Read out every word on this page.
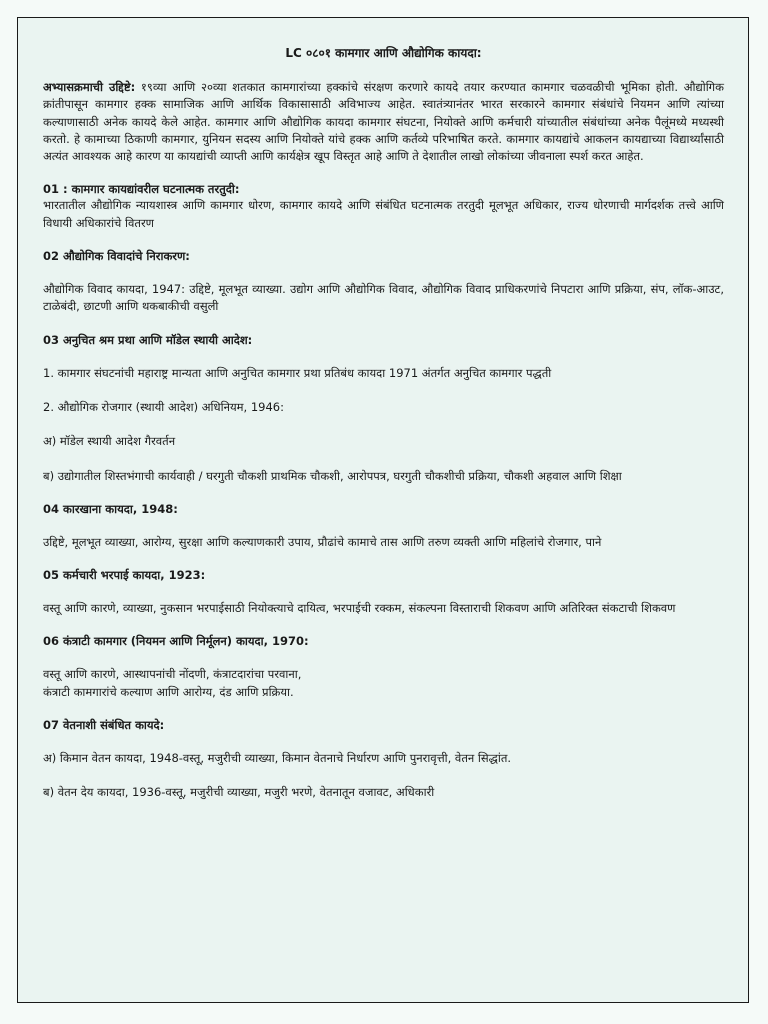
LC ०८०१ कामगार आणि औद्योगिक कायदा:

अभ्यासक्रमाची उद्दिष्टे: १९व्या आणि २०व्या शतकात कामगारांच्या हक्कांचे संरक्षण करणारे कायदे तयार करण्यात कामगार चळवळीची भूमिका होती. औद्योगिक क्रांतीपासून कामगार हक्क सामाजिक आणि आर्थिक विकासासाठी अविभाज्य आहेत. स्वातंत्र्यानंतर भारत सरकारने कामगार संबंधांचे नियमन आणि त्यांच्या कल्याणासाठी अनेक कायदे केले आहेत. कामगार आणि औद्योगिक कायदा कामगार संघटना, नियोक्ते आणि कर्मचारी यांच्यातील संबंधांच्या अनेक पैलूंमध्ये मध्यस्थी करतो. हे कामाच्या ठिकाणी कामगार, युनियन सदस्य आणि नियोक्ते यांचे हक्क आणि कर्तव्ये परिभाषित करते. कामगार कायद्यांचे आकलन कायद्याच्या विद्यार्थ्यांसाठी अत्यंत आवश्यक आहे कारण या कायद्यांची व्याप्ती आणि कार्यक्षेत्र खूप विस्तृत आहे आणि ते देशातील लाखो लोकांच्या जीवनाला स्पर्श करत आहेत.

01 : कामगार कायद्यांवरील घटनात्मक तरतुदी:

भारतातील औद्योगिक न्यायशास्त्र आणि कामगार धोरण, कामगार कायदे आणि संबंधित घटनात्मक तरतुदी मूलभूत अधिकार, राज्य धोरणाची मार्गदर्शक तत्त्वे आणि विधायी अधिकारांचे वितरण

02 औद्योगिक विवादांचे निराकरण:

औद्योगिक विवाद कायदा, 1947: उद्दिष्टे, मूलभूत व्याख्या. उद्योग आणि औद्योगिक विवाद, औद्योगिक विवाद प्राधिकरणांचे निपटारा आणि प्रक्रिया, संप, लॉक-आउट, टाळेबंदी, छाटणी आणि थकबाकीची वसुली

03 अनुचित श्रम प्रथा आणि मॉडेल स्थायी आदेश:

1. कामगार संघटनांची महाराष्ट्र मान्यता आणि अनुचित कामगार प्रथा प्रतिबंध कायदा 1971 अंतर्गत अनुचित कामगार पद्धती

2. औद्योगिक रोजगार (स्थायी आदेश) अधिनियम, 1946:

अ) मॉडेल स्थायी आदेश गैरवर्तन

ब) उद्योगातील शिस्तभंगाची कार्यवाही / घरगुती चौकशी प्राथमिक चौकशी, आरोपपत्र, घरगुती चौकशीची प्रक्रिया, चौकशी अहवाल आणि शिक्षा

04 कारखाना कायदा, 1948:

उद्दिष्टे, मूलभूत व्याख्या, आरोग्य, सुरक्षा आणि कल्याणकारी उपाय, प्रौढांचे कामाचे तास आणि तरुण व्यक्ती आणि महिलांचे रोजगार, पाने

05 कर्मचारी भरपाई कायदा, 1923:

वस्तू आणि कारणे, व्याख्या, नुकसान भरपाईसाठी नियोक्त्याचे दायित्व, भरपाईची रक्कम, संकल्पना विस्ताराची शिकवण आणि अतिरिक्त संकटाची शिकवण

06 कंत्राटी कामगार (नियमन आणि निर्मूलन) कायदा, 1970:

वस्तू आणि कारणे, आस्थापनांची नोंदणी, कंत्राटदारांचा परवाना,

कंत्राटी कामगारांचे कल्याण आणि आरोग्य, दंड आणि प्रक्रिया.

07 वेतनाशी संबंधित कायदे:

अ) किमान वेतन कायदा, 1948-वस्तू, मजुरीची व्याख्या, किमान वेतनाचे निर्धारण आणि पुनरावृत्ती, वेतन सिद्धांत.

ब) वेतन देय कायदा, 1936-वस्तू, मजुरीची व्याख्या, मजुरी भरणे, वेतनातून वजावट, अधिकारी
